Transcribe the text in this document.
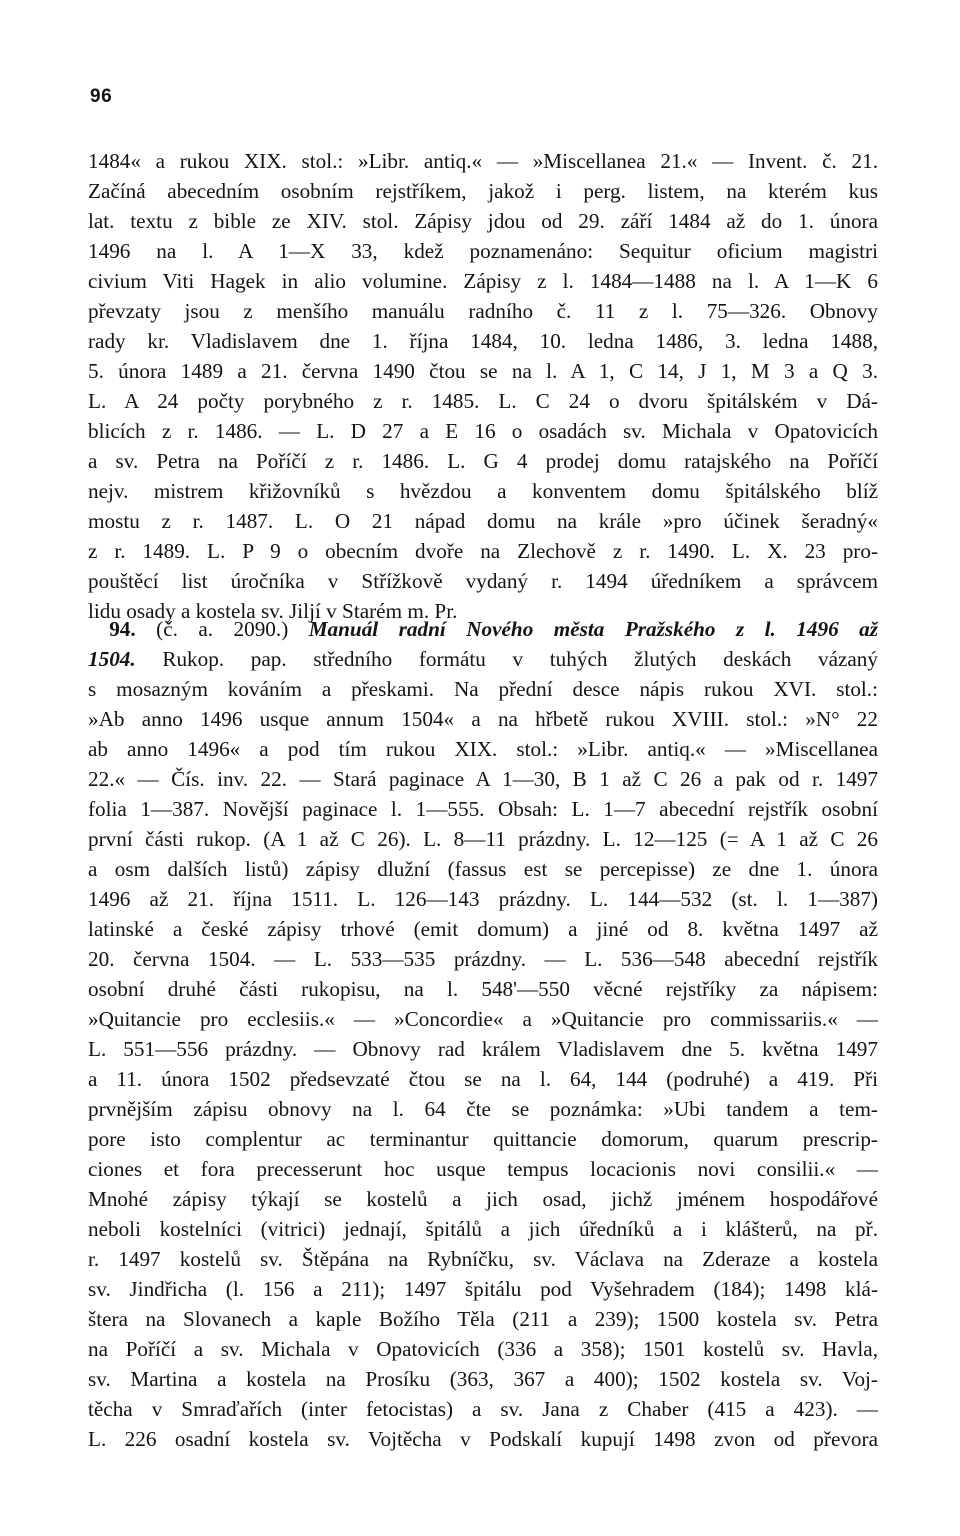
96
1484« a rukou XIX. stol.: »Libr. antiq.« — »Miscellanea 21.« — Invent. č. 21.
Začíná abecedním osobním rejstříkem, jakož i perg. listem, na kterém kus
lat. textu z bible ze XIV. stol. Zápisy jdou od 29. září 1484 až do 1. února
1496 na l. A 1—X 33, kdež poznamenáno: Sequitur oficium magistri
civium Viti Hagek in alio volumine. Zápisy z l. 1484—1488 na l. A 1—K 6
převzaty jsou z menšího manuálu radního č. 11 z l. 75—326. Obnovy
rady kr. Vladislavem dne 1. října 1484, 10. ledna 1486, 3. ledna 1488,
5. února 1489 a 21. června 1490 čtou se na l. A 1, C 14, J 1, M 3 a Q 3.
L. A 24 počty porybného z r. 1485. L. C 24 o dvoru špitálském v Dá-
blicích z r. 1486. — L. D 27 a E 16 o osadách sv. Michala v Opatovicích
a sv. Petra na Poříčí z r. 1486. L. G 4 prodej domu ratajského na Poříčí
nejv. mistrem křižovníků s hvězdou a konventem domu špitálského blíž
mostu z r. 1487. L. O 21 nápad domu na krále »pro účinek šeradný«
z r. 1489. L. P 9 o obecním dvoře na Zlechově z r. 1490. L. X. 23 pro-
pouštěcí list úročníka v Střížkově vydaný r. 1494 úředníkem a správcem
lidu osady a kostela sv. Jiljí v Starém m. Pr.
 94. (č. a. 2090.) Manuál radní Nového města Pražského z l. 1496 až
1504. Rukop. pap. středního formátu v tuhých žlutých deskách vázaný
s mosazným kováním a přeskami. Na přední desce nápis rukou XVI. stol.:
»Ab anno 1496 usque annum 1504« a na hřbetě rukou XVIII. stol.: »N° 22
ab anno 1496« a pod tím rukou XIX. stol.: »Libr. antiq.« — »Miscellanea
22.« — Čís. inv. 22. — Stará paginace A 1—30, B 1 až C 26 a pak od r. 1497
folia 1—387. Novější paginace l. 1—555. Obsah: L. 1—7 abecední rejstřík osobní
první části rukop. (A 1 až C 26). L. 8—11 prázdny. L. 12—125 (= A 1 až C 26
a osm dalších listů) zápisy dlužní (fassus est se percepisse) ze dne 1. února
1496 až 21. října 1511. L. 126—143 prázdny. L. 144—532 (st. l. 1—387)
latinské a české zápisy trhové (emit domum) a jiné od 8. května 1497 až
20. června 1504. — L. 533—535 prázdny. — L. 536—548 abecední rejstřík
osobní druhé části rukopisu, na l. 548'—550 věcné rejstříky za nápisem:
»Quitancie pro ecclesiis.« — »Concordie« a »Quitancie pro commissariis.« —
L. 551—556 prázdny. — Obnovy rad králem Vladislavem dne 5. května 1497
a 11. února 1502 předsevzaté čtou se na l. 64, 144 (podruhé) a 419. Při
prvnějším zápisu obnovy na l. 64 čte se poznámka: »Ubi tandem a tem-
pore isto complentur ac terminantur quittancie domorum, quarum prescrip-
ciones et fora precesserunt hoc usque tempus locacionis novi consilii.« —
Mnohé zápisy týkají se kostelů a jich osad, jichž jménem hospodářové
neboli kostelníci (vitrici) jednají, špitálů a jich úředníků a i klášterů, na př.
r. 1497 kostelů sv. Štěpána na Rybníčku, sv. Václava na Zderaze a kostela
sv. Jindřicha (l. 156 a 211); 1497 špitálu pod Vyšehradem (184); 1498 klá-
štera na Slovanech a kaple Božího Těla (211 a 239); 1500 kostela sv. Petra
na Poříčí a sv. Michala v Opatovicích (336 a 358); 1501 kostelů sv. Havla,
sv. Martina a kostela na Prosíku (363, 367 a 400); 1502 kostela sv. Voj-
těcha v Smraďařích (inter fetocistas) a sv. Jana z Chaber (415 a 423). —
L. 226 osadní kostela sv. Vojtěcha v Podskalí kupují 1498 zvon od převora
